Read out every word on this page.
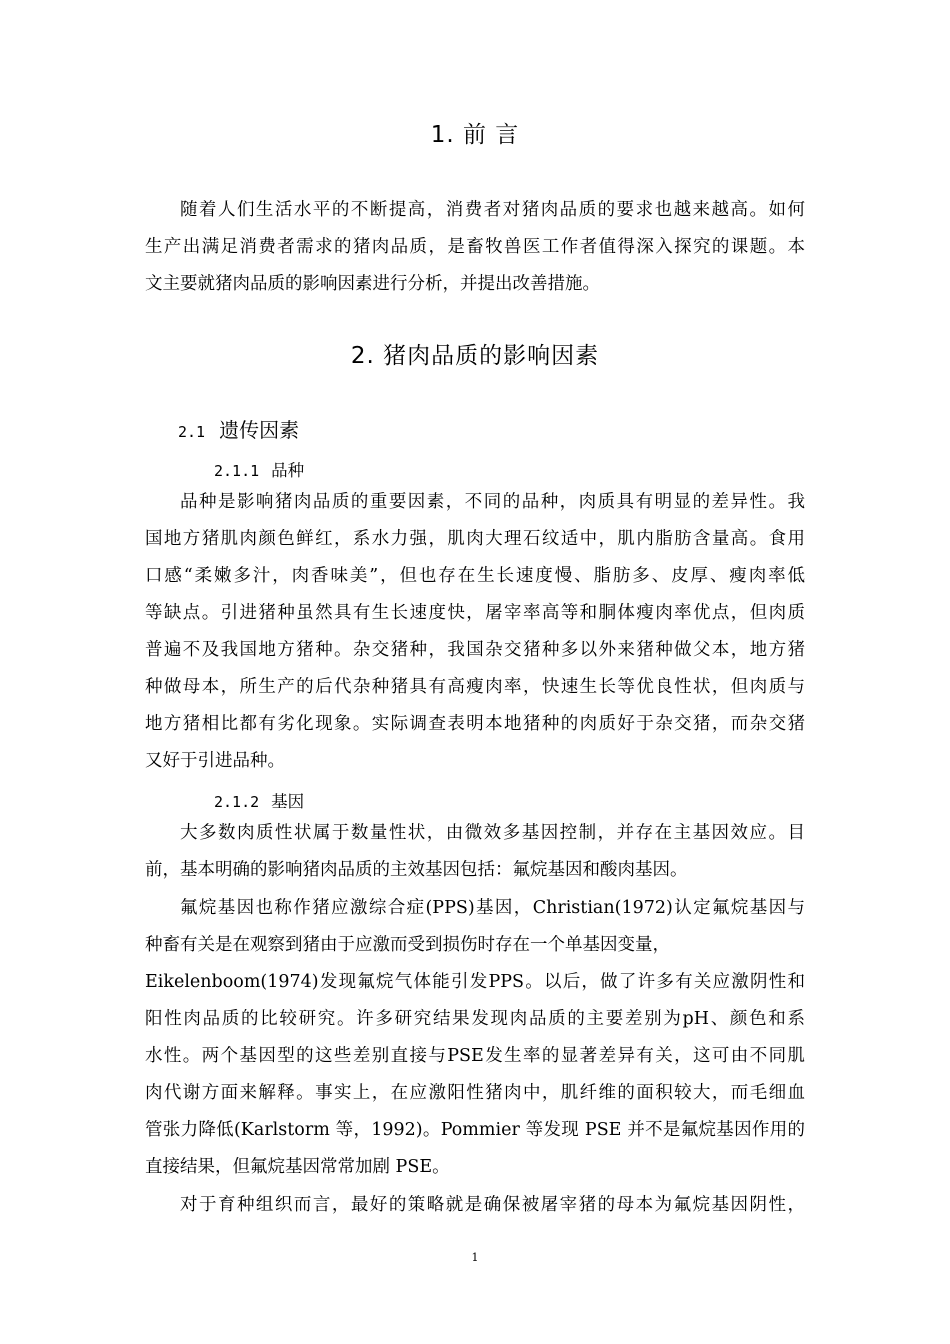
1. 前 言
随着人们生活水平的不断提高，消费者对猪肉品质的要求也越来越高。如何
生产出满足消费者需求的猪肉品质，是畜牧兽医工作者值得深入探究的课题。本
文主要就猪肉品质的影响因素进行分析，并提出改善措施。
2. 猪肉品质的影响因素
2.1 遗传因素
2.1.1 品种
品种是影响猪肉品质的重要因素，不同的品种，肉质具有明显的差异性。我
国地方猪肌肉颜色鲜红，系水力强，肌肉大理石纹适中，肌内脂肪含量高。食用
口感“柔嫩多汁，肉香味美”，但也存在生长速度慢、脂肪多、皮厚、瘦肉率低
等缺点。引进猪种虽然具有生长速度快，屠宰率高等和胴体瘦肉率优点，但肉质
普遍不及我国地方猪种。杂交猪种，我国杂交猪种多以外来猪种做父本，地方猪
种做母本，所生产的后代杂种猪具有高瘦肉率，快速生长等优良性状，但肉质与
地方猪相比都有劣化现象。实际调查表明本地猪种的肉质好于杂交猪，而杂交猪
又好于引进品种。
2.1.2 基因
大多数肉质性状属于数量性状，由微效多基因控制，并存在主基因效应。目
前，基本明确的影响猪肉品质的主效基因包括：氟烷基因和酸肉基因。
氟烷基因也称作猪应激综合症(PPS)基因，Christian(1972)认定氟烷基因与
种畜有关是在观察到猪由于应激而受到损伤时存在一个单基因变量，
Eikelenboom(1974)发现氟烷气体能引发PPS。以后，做了许多有关应激阴性和
阳性肉品质的比较研究。许多研究结果发现肉品质的主要差别为pH、颜色和系
水性。两个基因型的这些差别直接与PSE发生率的显著差异有关，这可由不同肌
肉代谢方面来解释。事实上，在应激阳性猪肉中，肌纤维的面积较大，而毛细血
管张力降低(Karlstorm 等，1992)。Pommier 等发现 PSE 并不是氟烷基因作用的
直接结果，但氟烷基因常常加剧 PSE。
对于育种组织而言，最好的策略就是确保被屠宰猪的母本为氟烷基因阴性，
1
